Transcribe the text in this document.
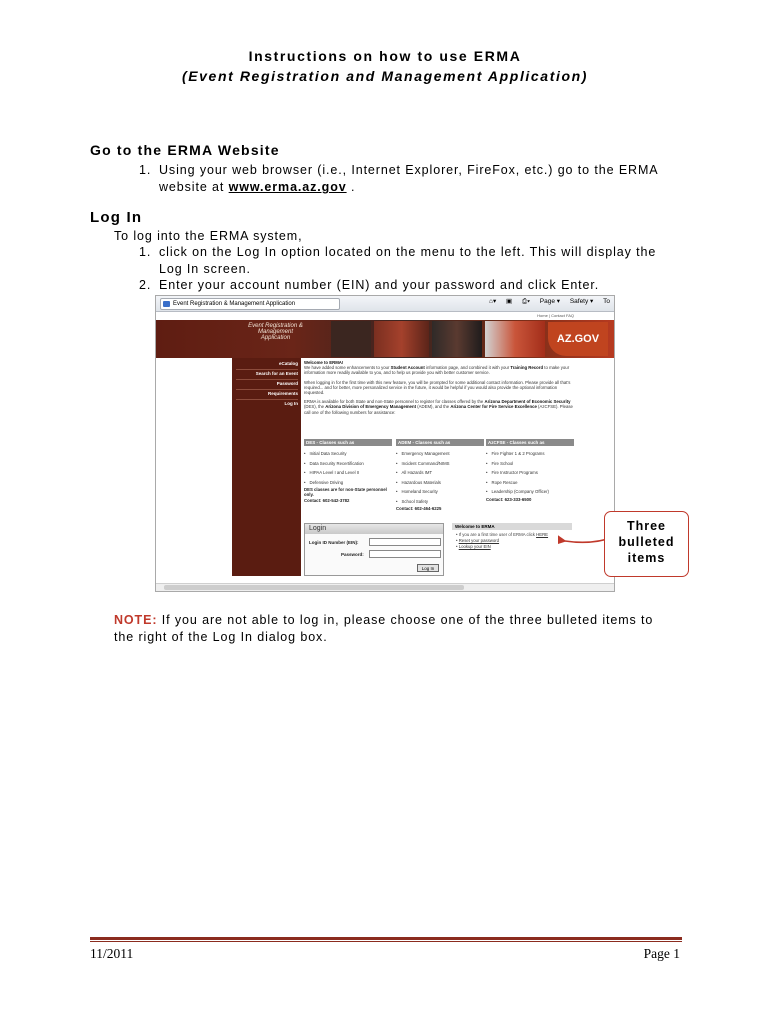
Instructions on how to use ERMA
(Event Registration and Management Application)
Go to the ERMA Website
1. Using your web browser (i.e., Internet Explorer, FireFox, etc.) go to the ERMA
website at www.erma.az.gov .
Log In
To log into the ERMA system,
1. click on the Log In option located on the menu to the left. This will display the
Log In screen.
2. Enter your account number (EIN) and your password and click Enter.
Event Registration & Management Application	⌂▾ ▣ ⎙▾ Page ▾ Safety ▾ To
Home | Contact FAQ
Event Registration & Management Application	AZ.GOV
eCatalog
Search for an Event
Password
Requirements
Log In
Welcome to ERMA!
We have added some enhancements to your Student Account information page, and combined it with your Training Record to make your information more readily available to you, and to help us provide you with better customer service.
When logging in for the first time with this new feature, you will be prompted for some additional contact information. Please provide all that's required... and for better, more personalized service in the future, it would be helpful if you would also provide the optional information requested.
ERMA is available for both State and non-State personnel to register for classes offered by the Arizona Department of Economic Security (DES), the Arizona Division of Emergency Management (ADEM), and the Arizona Center for Fire Service Excellence (AzCFSE). Please call one of the following numbers for assistance:
DES - Classes such as
• Initial Data Security
• Data Security Recertification
• HIPAA Level I and Level II
• Defensive Driving
DES classes are for non-State personnel only.
Contact: 602-542-3782
ADEM - Classes such as
• Emergency Management
• Incident Command/NIMS
• All Hazards IMT
• Hazardous Materials
• Homeland Security
• School Safety
Contact: 602-464-6225
AzCFSE - Classes such as
• Fire Fighter 1 & 2 Programs
• Fire School
• Fire Instructor Programs
• Rope Rescue
• Leadership (Company Officer)
Contact: 623-333-6500
Login
Login ID Number (EIN):
Password:
Log In
Welcome to ERMA
• If you are a first time user of ERMA click HERE
• Reset your password
• Lookup your EIN
Three
bulleted
items
NOTE: If you are not able to log in, please choose one of the three bulleted items to
the right of the Log In dialog box.
11/2011	Page 1
